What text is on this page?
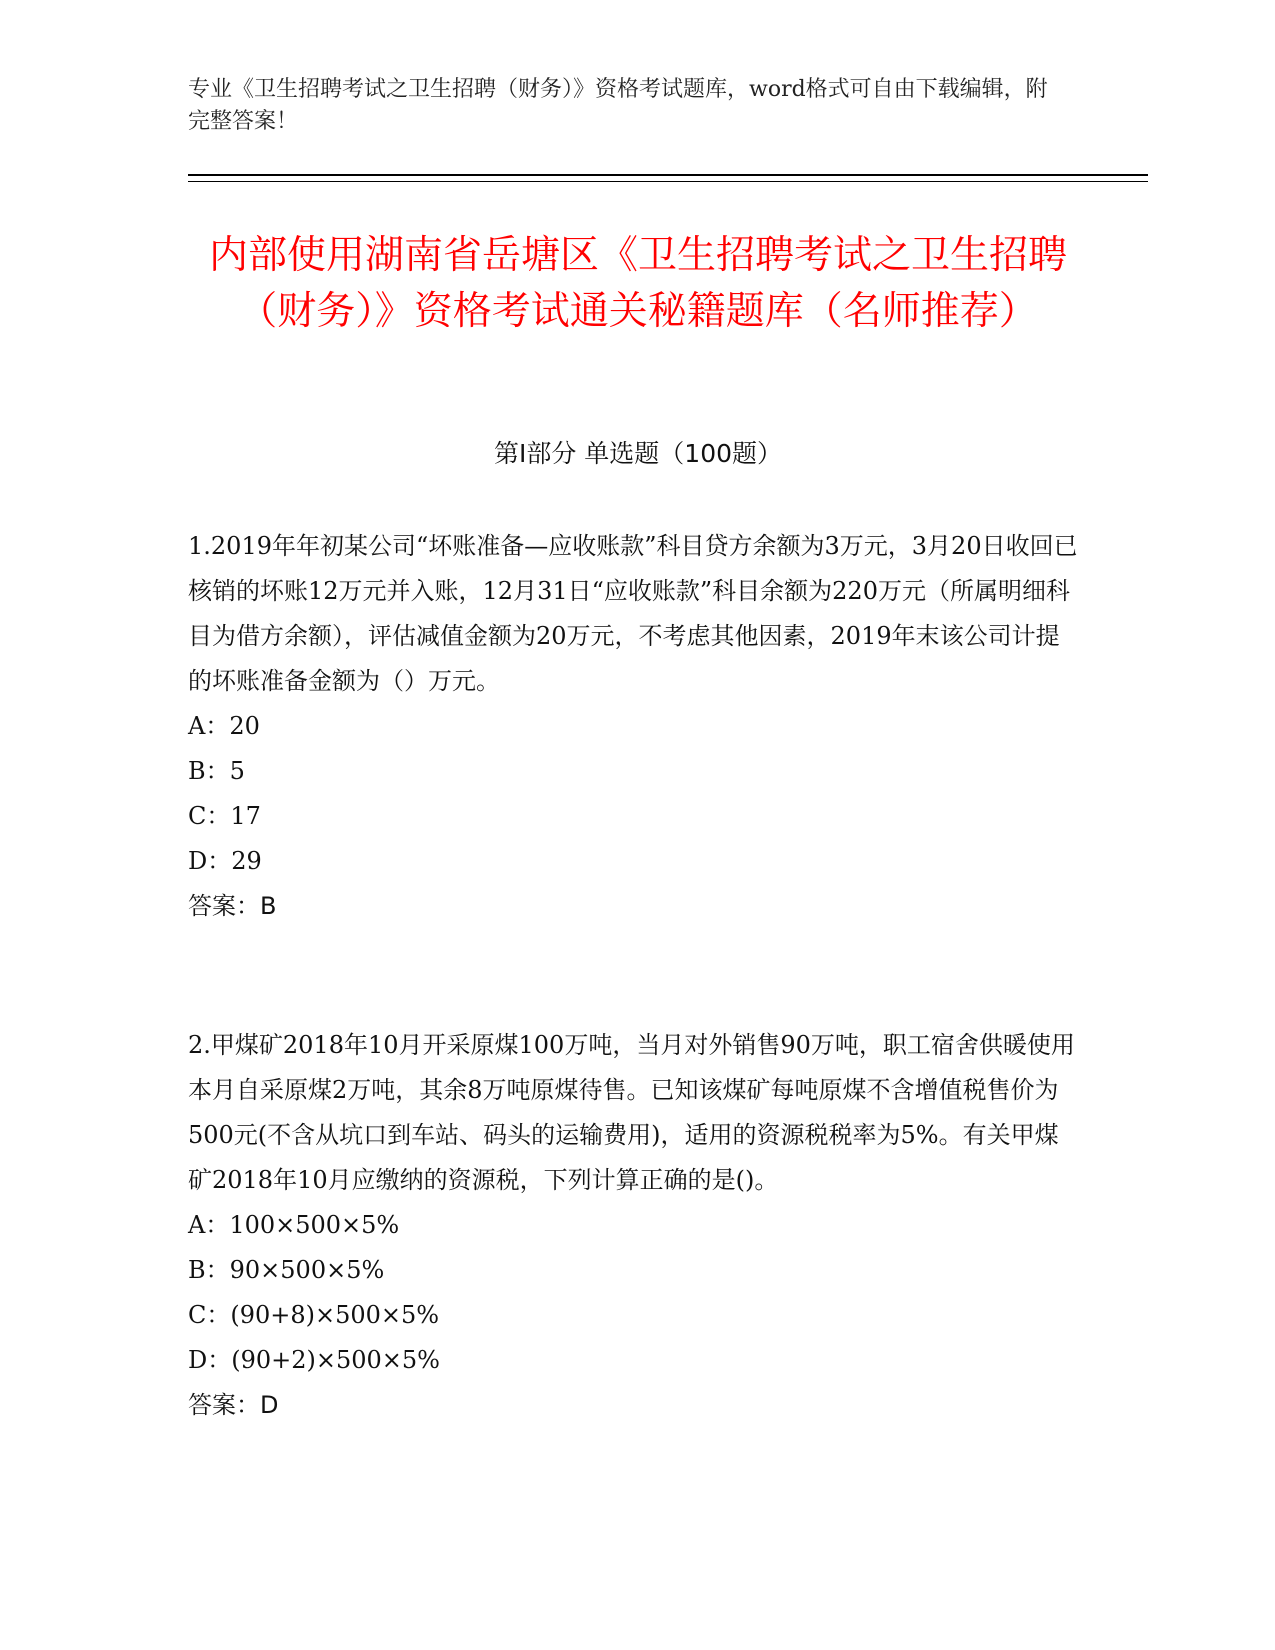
专业《卫生招聘考试之卫生招聘（财务）》资格考试题库，word格式可自由下载编辑，附完整答案！
内部使用湖南省岳塘区《卫生招聘考试之卫生招聘（财务）》资格考试通关秘籍题库（名师推荐）
第I部分 单选题（100题）

1.2019年年初某公司“坏账准备—应收账款”科目贷方余额为3万元，3月20日收回已核销的坏账12万元并入账，12月31日“应收账款”科目余额为220万元（所属明细科目为借方余额），评估减值金额为20万元，不考虑其他因素，2019年末该公司计提的坏账准备金额为（）万元。

A：20

B：5

C：17

D：29

答案：B

2.甲煤矿2018年10月开采原煤100万吨，当月对外销售90万吨，职工宿舍供暖使用本月自采原煤2万吨，其余8万吨原煤待售。已知该煤矿每吨原煤不含增值税售价为500元(不含从坑口到车站、码头的运输费用)，适用的资源税税率为5%。有关甲煤矿2018年10月应缴纳的资源税，下列计算正确的是()。

A：100×500×5%

B：90×500×5%

C：(90+8)×500×5%

D：(90+2)×500×5%

答案：D
